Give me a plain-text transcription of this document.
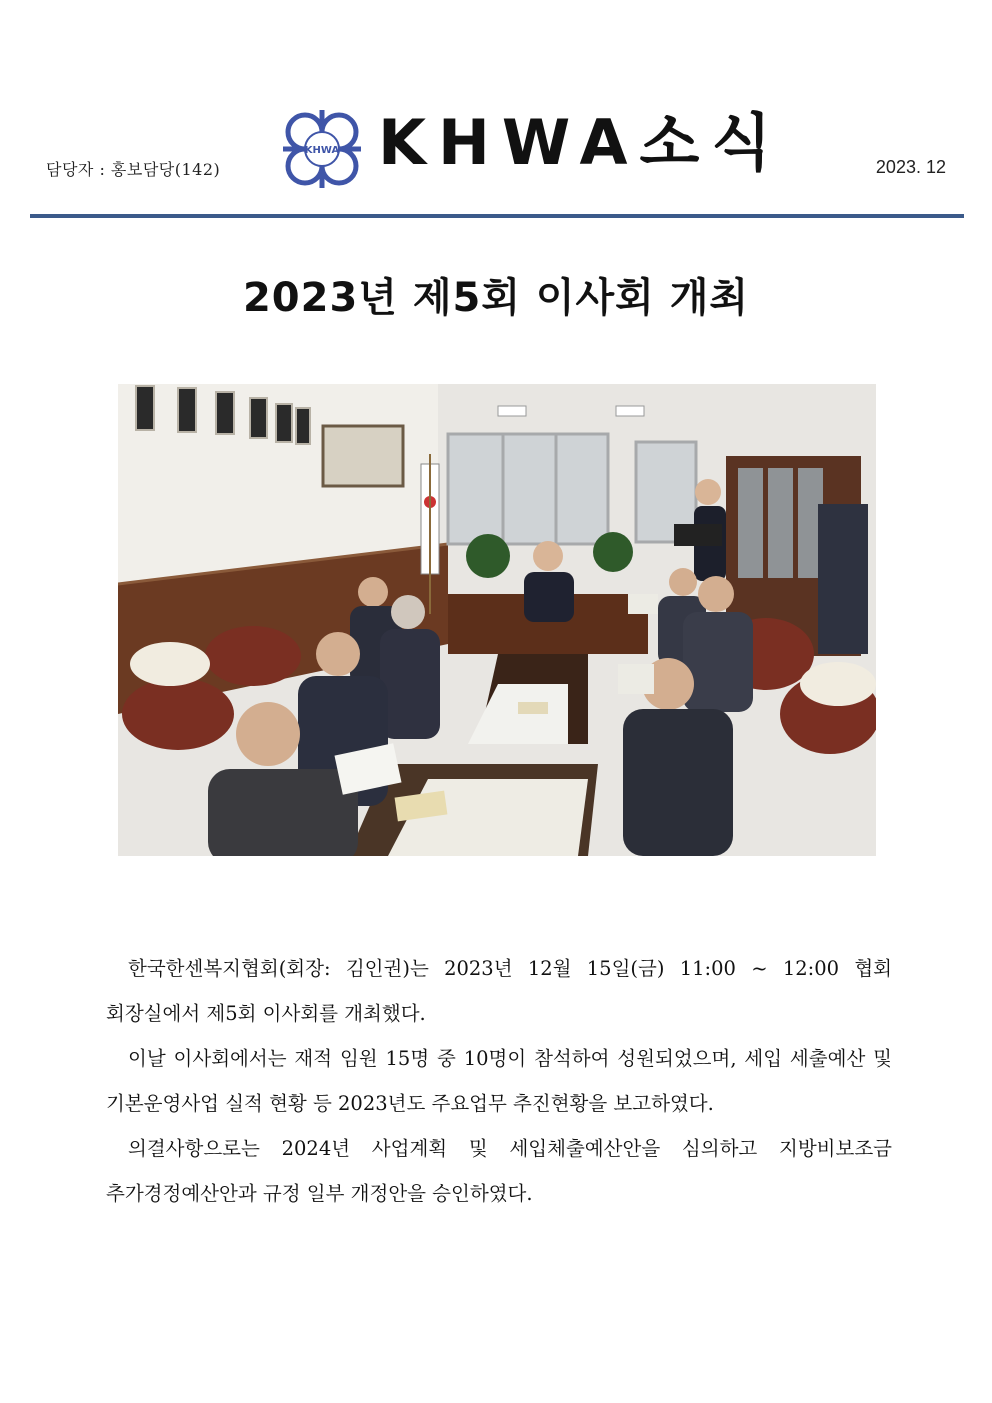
담당자 : 홍보담당(142)
KHWA KHWA소식	2023. 12
2023년 제5회 이사회 개최

한국한센복지협회(회장: 김인권)는 2023년 12월 15일(금) 11:00 ~ 12:00 협회 회장실에서 제5회 이사회를 개최했다.

이날 이사회에서는 재적 임원 15명 중 10명이 참석하여 성원되었으며, 세입 세출예산 및 기본운영사업 실적 현황 등 2023년도 주요업무 추진현황을 보고하였다.

의결사항으로는 2024년 사업계획 및 세입체출예산안을 심의하고 지방비보조금 추가경정예산안과 규정 일부 개정안을 승인하였다.
